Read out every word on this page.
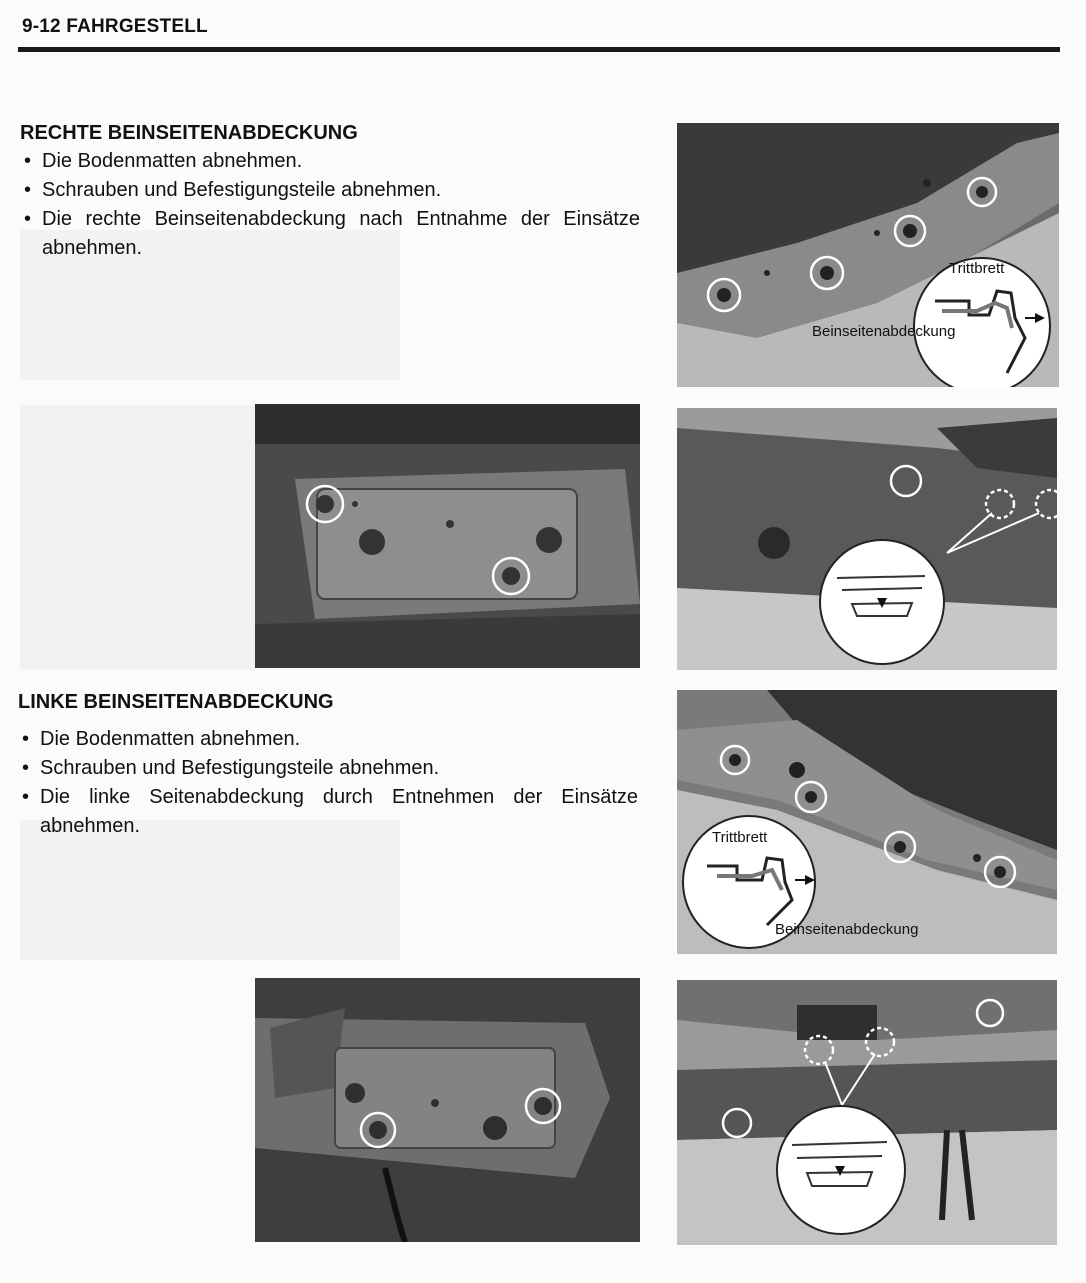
9-12 FAHRGESTELL
RECHTE BEINSEITENABDECKUNG
• Die Bodenmatten abnehmen.
• Schrauben und Befestigungsteile abnehmen.
• Die rechte Beinseitenabdeckung nach Entnahme der Einsätze abnehmen.
LINKE BEINSEITENABDECKUNG
• Die Bodenmatten abnehmen.
• Schrauben und Befestigungsteile abnehmen.
• Die linke Seitenabdeckung durch Entnehmen der Einsätze abnehmen.
Trittbrett
Beinseitenabdeckung
Trittbrett
Beinseitenabdeckung
